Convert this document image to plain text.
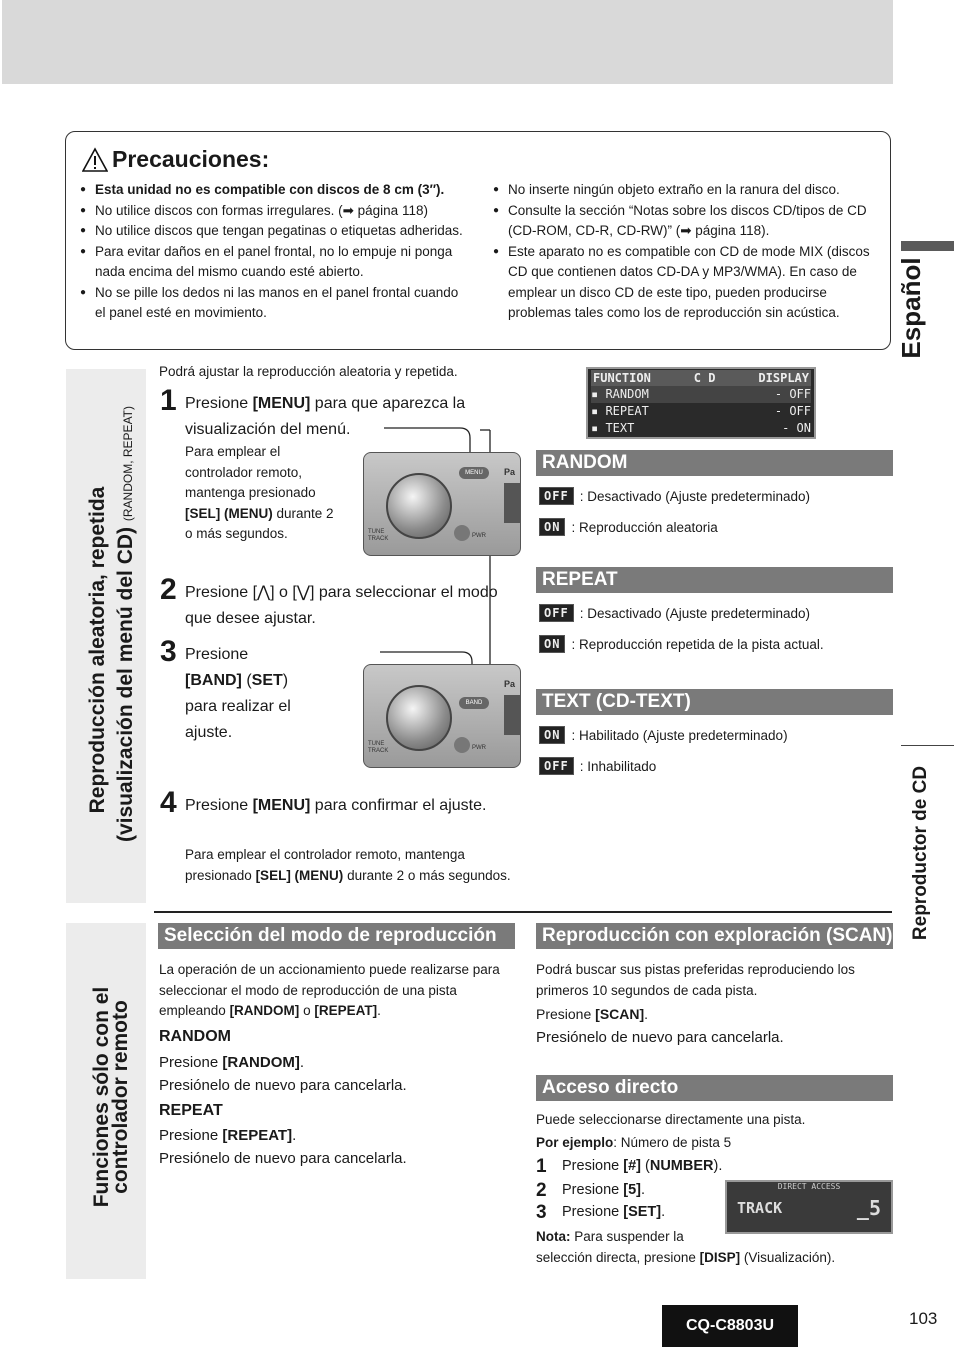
Precauciones:
● Esta unidad no es compatible con discos de 8 cm (3″).
● No utilice discos con formas irregulares. (➡ página 118)
● No utilice discos que tengan pegatinas o etiquetas adheridas.
● Para evitar daños en el panel frontal, no lo empuje ni ponga nada encima del mismo cuando esté abierto.
● No se pille los dedos ni las manos en el panel frontal cuando el panel esté en movimiento.
● No inserte ningún objeto extraño en la ranura del disco.
● Consulte la sección “Notas sobre los discos CD/tipos de CD (CD-ROM, CD-R, CD-RW)” (➡ página 118).
● Este aparato no es compatible con CD de mode MIX (discos CD que contienen datos CD-DA y MP3/WMA). En caso de emplear un disco CD de este tipo, pueden producirse problemas tales como los de reproducción sin acústica.	Español
Reproductor de CD
Reproducción aleatoria, repetida (visualización del menú del CD) (RANDOM, REPEAT)
Podrá ajustar la reproducción aleatoria y repetida.
1 Presione [MENU] para que aparezca la visualización del menú.
Para emplear el controlador remoto, mantenga presionado [SEL] (MENU) durante 2 o más segundos.
2 Presione [⋀] o [⋁] para seleccionar el modo que desee ajustar.
3 Presione
[BAND] (SET)
para realizar el ajuste.
4 Presione [MENU] para confirmar el ajuste.
Para emplear el controlador remoto, mantenga presionado [SEL] (MENU) durante 2 o más segundos.
MENU
TUNE
TRACK	PWR
Pa
BAND
TUNE
TRACK	PWR
Pa
FUNCTION	C D	DISPLAY
▪ RANDOM	- OFF
▪ REPEAT	- OFF
▪ TEXT	- ON
RANDOM
OFF : Desactivado (Ajuste predeterminado)
ON : Reproducción aleatoria
REPEAT
OFF : Desactivado (Ajuste predeterminado)
ON : Reproducción repetida de la pista actual.
TEXT (CD-TEXT)
ON : Habilitado (Ajuste predeterminado)
OFF : Inhabilitado
Funciones sólo con el
controlador remoto
Selección del modo de reproducción
La operación de un accionamiento puede realizarse para seleccionar el modo de reproducción de una pista empleando [RANDOM] o [REPEAT].
RANDOM
Presione [RANDOM].
Presiónelo de nuevo para cancelarla.
REPEAT
Presione [REPEAT].
Presiónelo de nuevo para cancelarla.
Reproducción con exploración (SCAN)
Podrá buscar sus pistas preferidas reproduciendo los primeros 10 segundos de cada pista.
Presione [SCAN].
Presiónelo de nuevo para cancelarla.
Acceso directo
Puede seleccionarse directamente una pista.
Por ejemplo: Número de pista 5
1 Presione [#] (NUMBER).
2 Presione [5].
3 Presione [SET].
Nota: Para suspender la
selección directa, presione [DISP] (Visualización).
DIRECT ACCESS
TRACK	_5
CQ-C8803U	103
